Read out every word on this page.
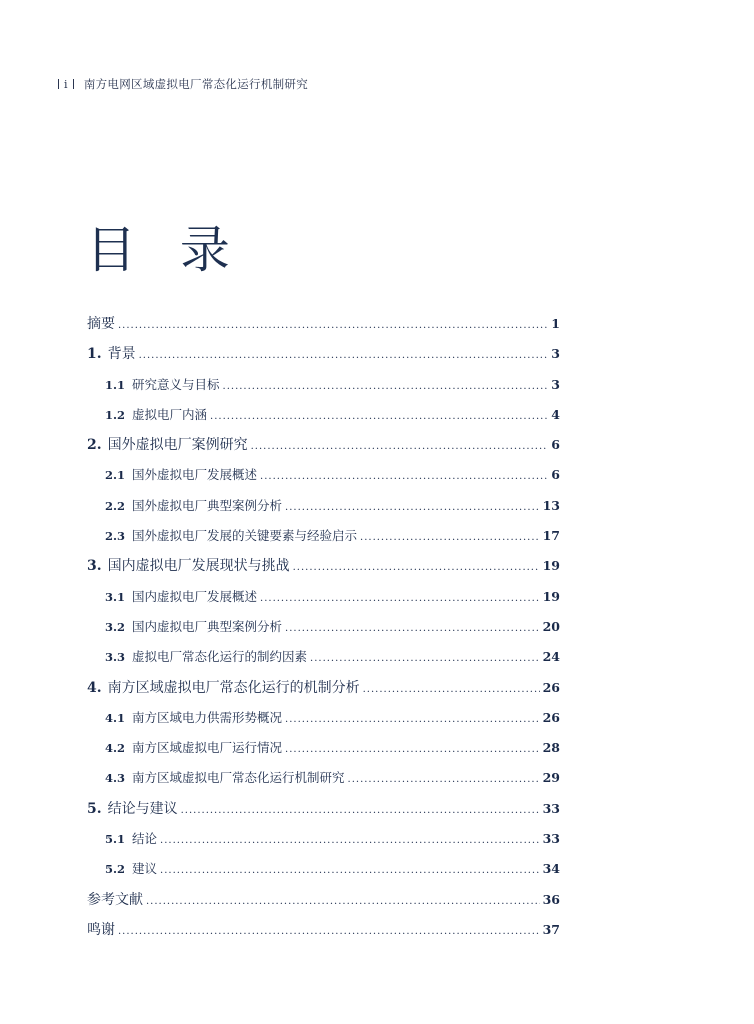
i 南方电网区域虚拟电厂常态化运行机制研究
目 录
摘要 .....	1
1. 背景 .....	3
1.1 研究意义与目标 .....	3
1.2 虚拟电厂内涵 .....	4
2. 国外虚拟电厂案例研究 .....	6
2.1 国外虚拟电厂发展概述 .....	6
2.2 国外虚拟电厂典型案例分析 .....	13
2.3 国外虚拟电厂发展的关键要素与经验启示 .....	17
3. 国内虚拟电厂发展现状与挑战 .....	19
3.1 国内虚拟电厂发展概述 .....	19
3.2 国内虚拟电厂典型案例分析 .....	20
3.3 虚拟电厂常态化运行的制约因素 .....	24
4. 南方区域虚拟电厂常态化运行的机制分析 .....	26
4.1 南方区域电力供需形势概况 .....	26
4.2 南方区域虚拟电厂运行情况 .....	28
4.3 南方区域虚拟电厂常态化运行机制研究 .....	29
5. 结论与建议 .....	33
5.1 结论 .....	33
5.2 建议 .....	34
参考文献 .....	36
鸣谢 .....	37
